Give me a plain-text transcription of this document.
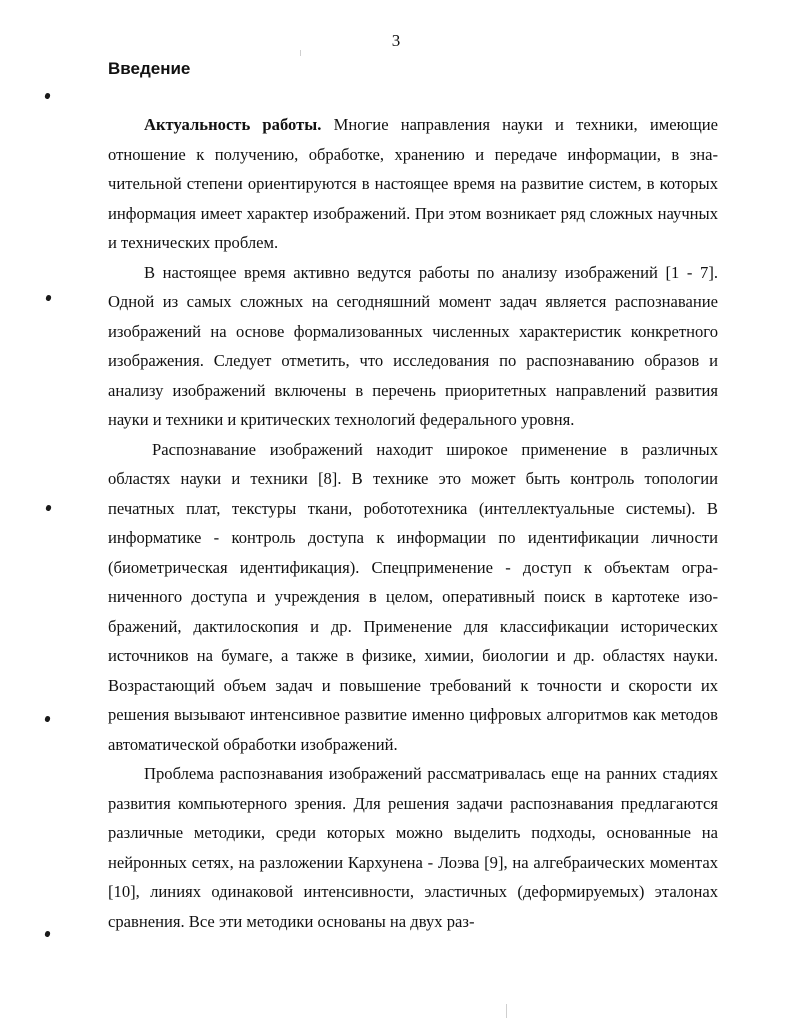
3
Введение

Актуальность работы. Многие направления науки и техники, имеющие отношение к получению, обработке, хранению и передаче информации, в значительной степени ориентируются в настоящее время на развитие систем, в которых информация имеет характер изображений. При этом возникает ряд сложных научных и технических проблем.

В настоящее время активно ведутся работы по анализу изображений [1 - 7]. Одной из самых сложных на сегодняшний момент задач является распознавание изображений на основе формализованных численных характеристик конкретного изображения. Следует отметить, что исследования по распознаванию образов и анализу изображений включены в перечень приоритетных направлений развития науки и техники и критических технологий федерального уровня.

Распознавание изображений находит широкое применение в различных областях науки и техники [8]. В технике это может быть контроль топологии печатных плат, текстуры ткани, робототехника (интеллектуальные системы). В информатике - контроль доступа к информации по идентификации личности (биометрическая идентификация). Спецприменение - доступ к объектам ограниченного доступа и учреждения в целом, оперативный поиск в картотеке изображений, дактилоскопия и др. Применение для классификации исторических источников на бумаге, а также в физике, химии, биологии и др. областях науки. Возрастающий объем задач и повышение требований к точности и скорости их решения вызывают интенсивное развитие именно цифровых алгоритмов как методов автоматической обработки изображений.

Проблема распознавания изображений рассматривалась еще на ранних стадиях развития компьютерного зрения. Для решения задачи распознавания предлагаются различные методики, среди которых можно выделить подходы, основанные на нейронных сетях, на разложении Кархунена - Лоэва [9], на алгебраических моментах [10], линиях одинаковой интенсивности, эластичных (деформируемых) эталонах сравнения. Все эти методики основаны на двух раз-
